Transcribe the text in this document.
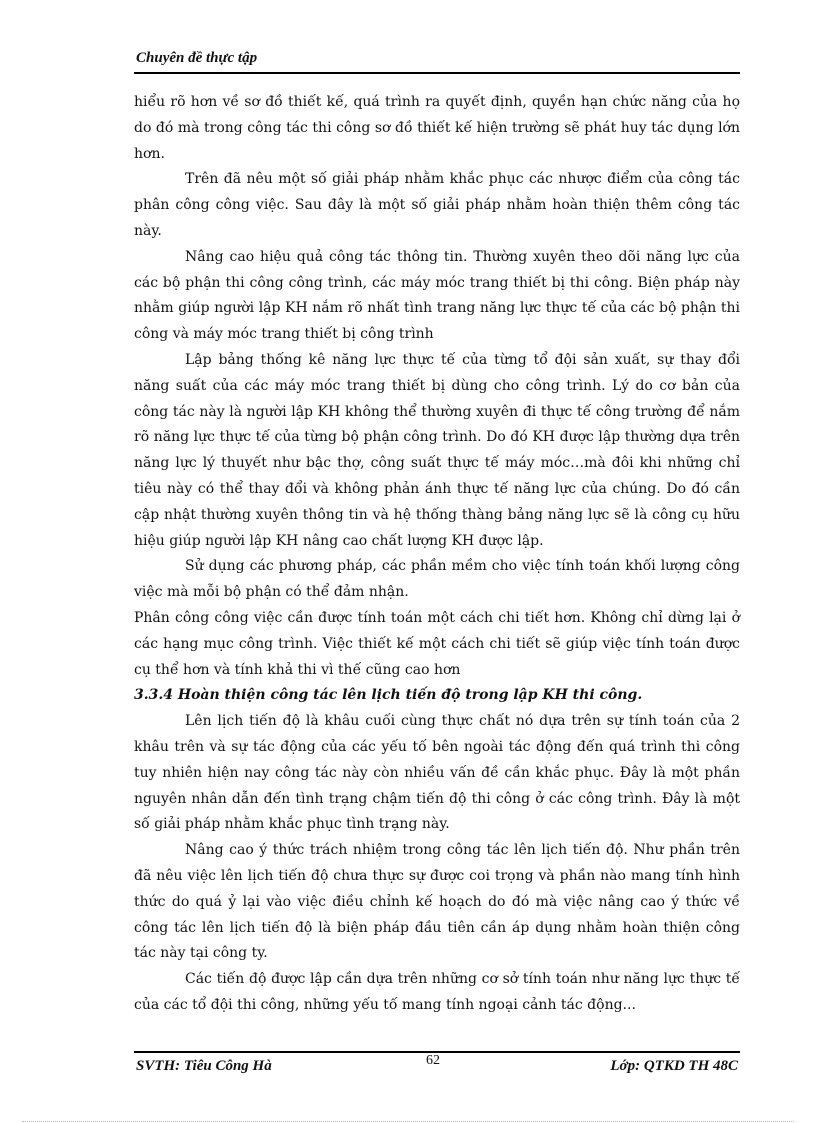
Chuyên đề thực tập

hiểu rõ hơn về sơ đồ thiết kế, quá trình ra quyết định, quyền hạn chức năng của họ do đó mà trong công tác thi công sơ đồ thiết kế hiện trường sẽ phát huy tác dụng lớn hơn.

Trên đã nêu một số giải pháp nhằm khắc phục các nhược điểm của công tác phân công công việc. Sau đây là một số giải pháp nhằm hoàn thiện thêm công tác này.

Nâng cao hiệu quả công tác thông tin. Thường xuyên theo dõi năng lực của các bộ phận thi công công trình, các máy móc trang thiết bị thi công. Biện pháp này nhằm giúp người lập KH nắm rõ nhất tình trang năng lực thực tế của các bộ phận thi công và máy móc trang thiết bị công trình

Lập bảng thống kê năng lực thực tế của từng tổ đội sản xuất, sự thay đổi năng suất của các máy móc trang thiết bị dùng cho công trình. Lý do cơ bản của công tác này là người lập KH không thể thường xuyên đi thực tế công trường để nắm rõ năng lực thực tế của từng bộ phận công trình. Do đó KH được lập thường dựa trên năng lực lý thuyết như bậc thợ, công suất thực tế máy móc…mà đôi khi những chỉ tiêu này có thể thay đổi và không phản ánh thực tế năng lực của chúng. Do đó cần cập nhật thường xuyên thông tin và hệ thống thàng bảng năng lực sẽ là công cụ hữu hiệu giúp người lập KH nâng cao chất lượng KH được lập.

Sử dụng các phương pháp, các phần mềm cho việc tính toán khối lượng công việc mà mỗi bộ phận có thể đảm nhận.

Phân công công việc cần được tính toán một cách chi tiết hơn. Không chỉ dừng lại ở các hạng mục công trình. Việc thiết kế một cách chi tiết sẽ giúp việc tính toán được cụ thể hơn và tính khả thi vì thế cũng cao hơn

3.3.4 Hoàn thiện công tác lên lịch tiến độ trong lập KH thi công.

Lên lịch tiến độ là khâu cuối cùng thực chất nó dựa trên sự tính toán của 2 khâu trên và sự tác động của các yếu tố bên ngoài tác động đến quá trình thi công tuy nhiên hiện nay công tác này còn nhiều vấn đề cần khắc phục. Đây là một phần nguyên nhân dẫn đến tình trạng chậm tiến độ thi công ở các công trình. Đây là một số giải pháp nhằm khắc phục tình trạng này.

Nâng cao ý thức trách nhiệm trong công tác lên lịch tiến độ. Như phần trên đã nêu việc lên lịch tiến độ chưa thực sự được coi trọng và phần nào mang tính hình thức do quá ỷ lại vào việc điều chỉnh kế hoạch do đó mà việc nâng cao ý thức về công tác lên lịch tiến độ là biện pháp đầu tiên cần áp dụng nhằm hoàn thiện công tác này tại công ty.

Các tiến độ được lập cần dựa trên những cơ sở tính toán như năng lực thực tế của các tổ đội thi công, những yếu tố mang tính ngoại cảnh tác động...

SVTH: Tiêu Công Hà	62	Lớp: QTKD TH 48C
